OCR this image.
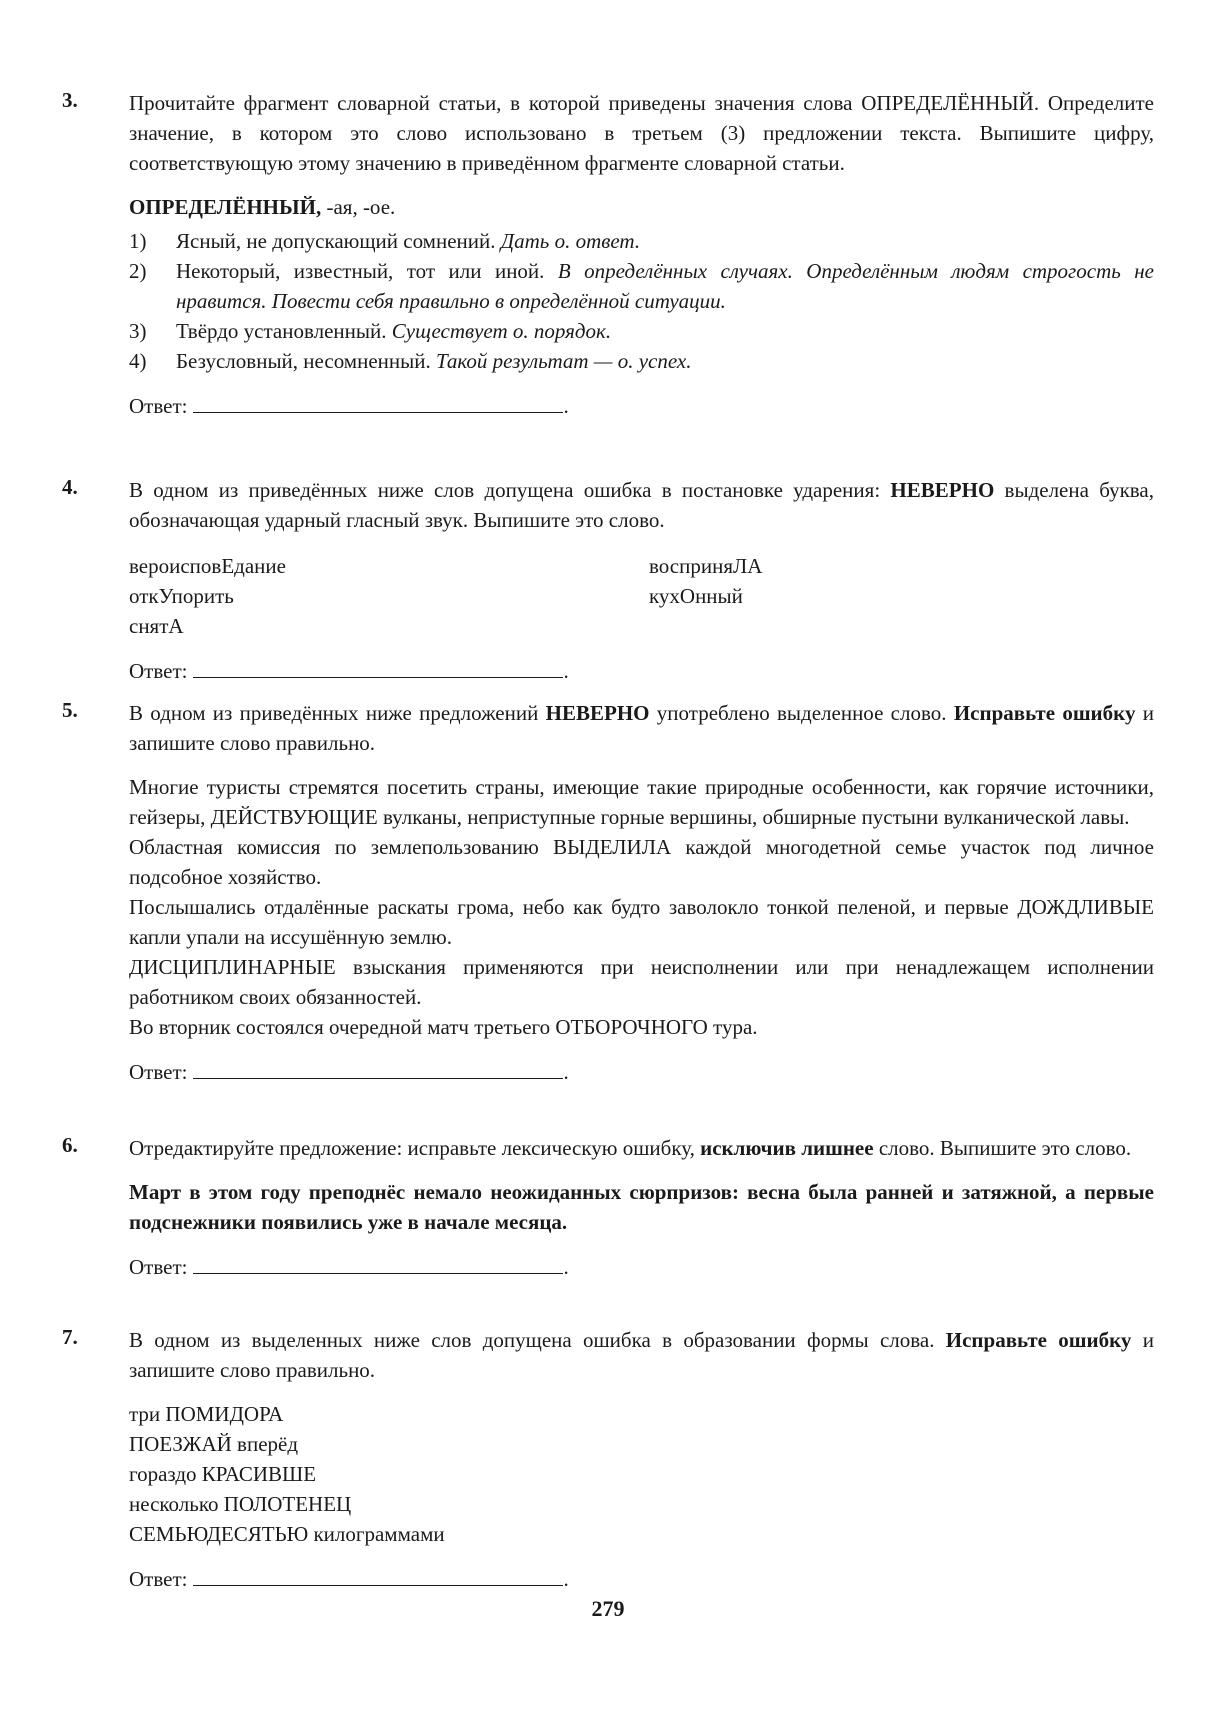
3. Прочитайте фрагмент словарной статьи, в которой приведены значения слова ОПРЕДЕЛЁННЫЙ. Определите значение, в котором это слово использовано в третьем (3) предложении текста. Выпишите цифру, соответствующую этому значению в приведённом фрагменте словарной статьи.

ОПРЕДЕЛЁННЫЙ, -ая, -ое.
1) Ясный, не допускающий сомнений. Дать о. ответ.
2) Некоторый, известный, тот или иной. В определённых случаях. Определённым людям строгость не нравится. Повести себя правильно в определённой ситуации.
3) Твёрдо установленный. Существует о. порядок.
4) Безусловный, несомненный. Такой результат — о. успех.
Ответ:	.
4. В одном из приведённых ниже слов допущена ошибка в постановке ударения: НЕВЕРНО выделена буква, обозначающая ударный гласный звук. Выпишите это слово.

вероисповЕдание	восприняЛА
откУпорить	кухОнный
снятА
Ответ:	.
5. В одном из приведённых ниже предложений НЕВЕРНО употреблено выделенное слово. Исправьте ошибку и запишите слово правильно.

Многие туристы стремятся посетить страны, имеющие такие природные особенности, как горячие источники, гейзеры, ДЕЙСТВУЮЩИЕ вулканы, неприступные горные вершины, обширные пустыни вулканической лавы.

Областная комиссия по землепользованию ВЫДЕЛИЛА каждой многодетной семье участок под личное подсобное хозяйство.

Послышались отдалённые раскаты грома, небо как будто заволокло тонкой пеленой, и первые ДОЖДЛИВЫЕ капли упали на иссушённую землю.

ДИСЦИПЛИНАРНЫЕ взыскания применяются при неисполнении или при ненадлежащем исполнении работником своих обязанностей.

Во вторник состоялся очередной матч третьего ОТБОРОЧНОГО тура.

Ответ:	.
6. Отредактируйте предложение: исправьте лексическую ошибку, исключив лишнее слово. Выпишите это слово.

Март в этом году преподнёс немало неожиданных сюрпризов: весна была ранней и затяжной, а первые подснежники появились уже в начале месяца.

Ответ:	.
7. В одном из выделенных ниже слов допущена ошибка в образовании формы слова. Исправьте ошибку и запишите слово правильно.

три ПОМИДОРА
ПОЕЗЖАЙ вперёд
гораздо КРАСИВШЕ
несколько ПОЛОТЕНЕЦ
СЕМЬЮДЕСЯТЬЮ килограммами
Ответ:	.
279
